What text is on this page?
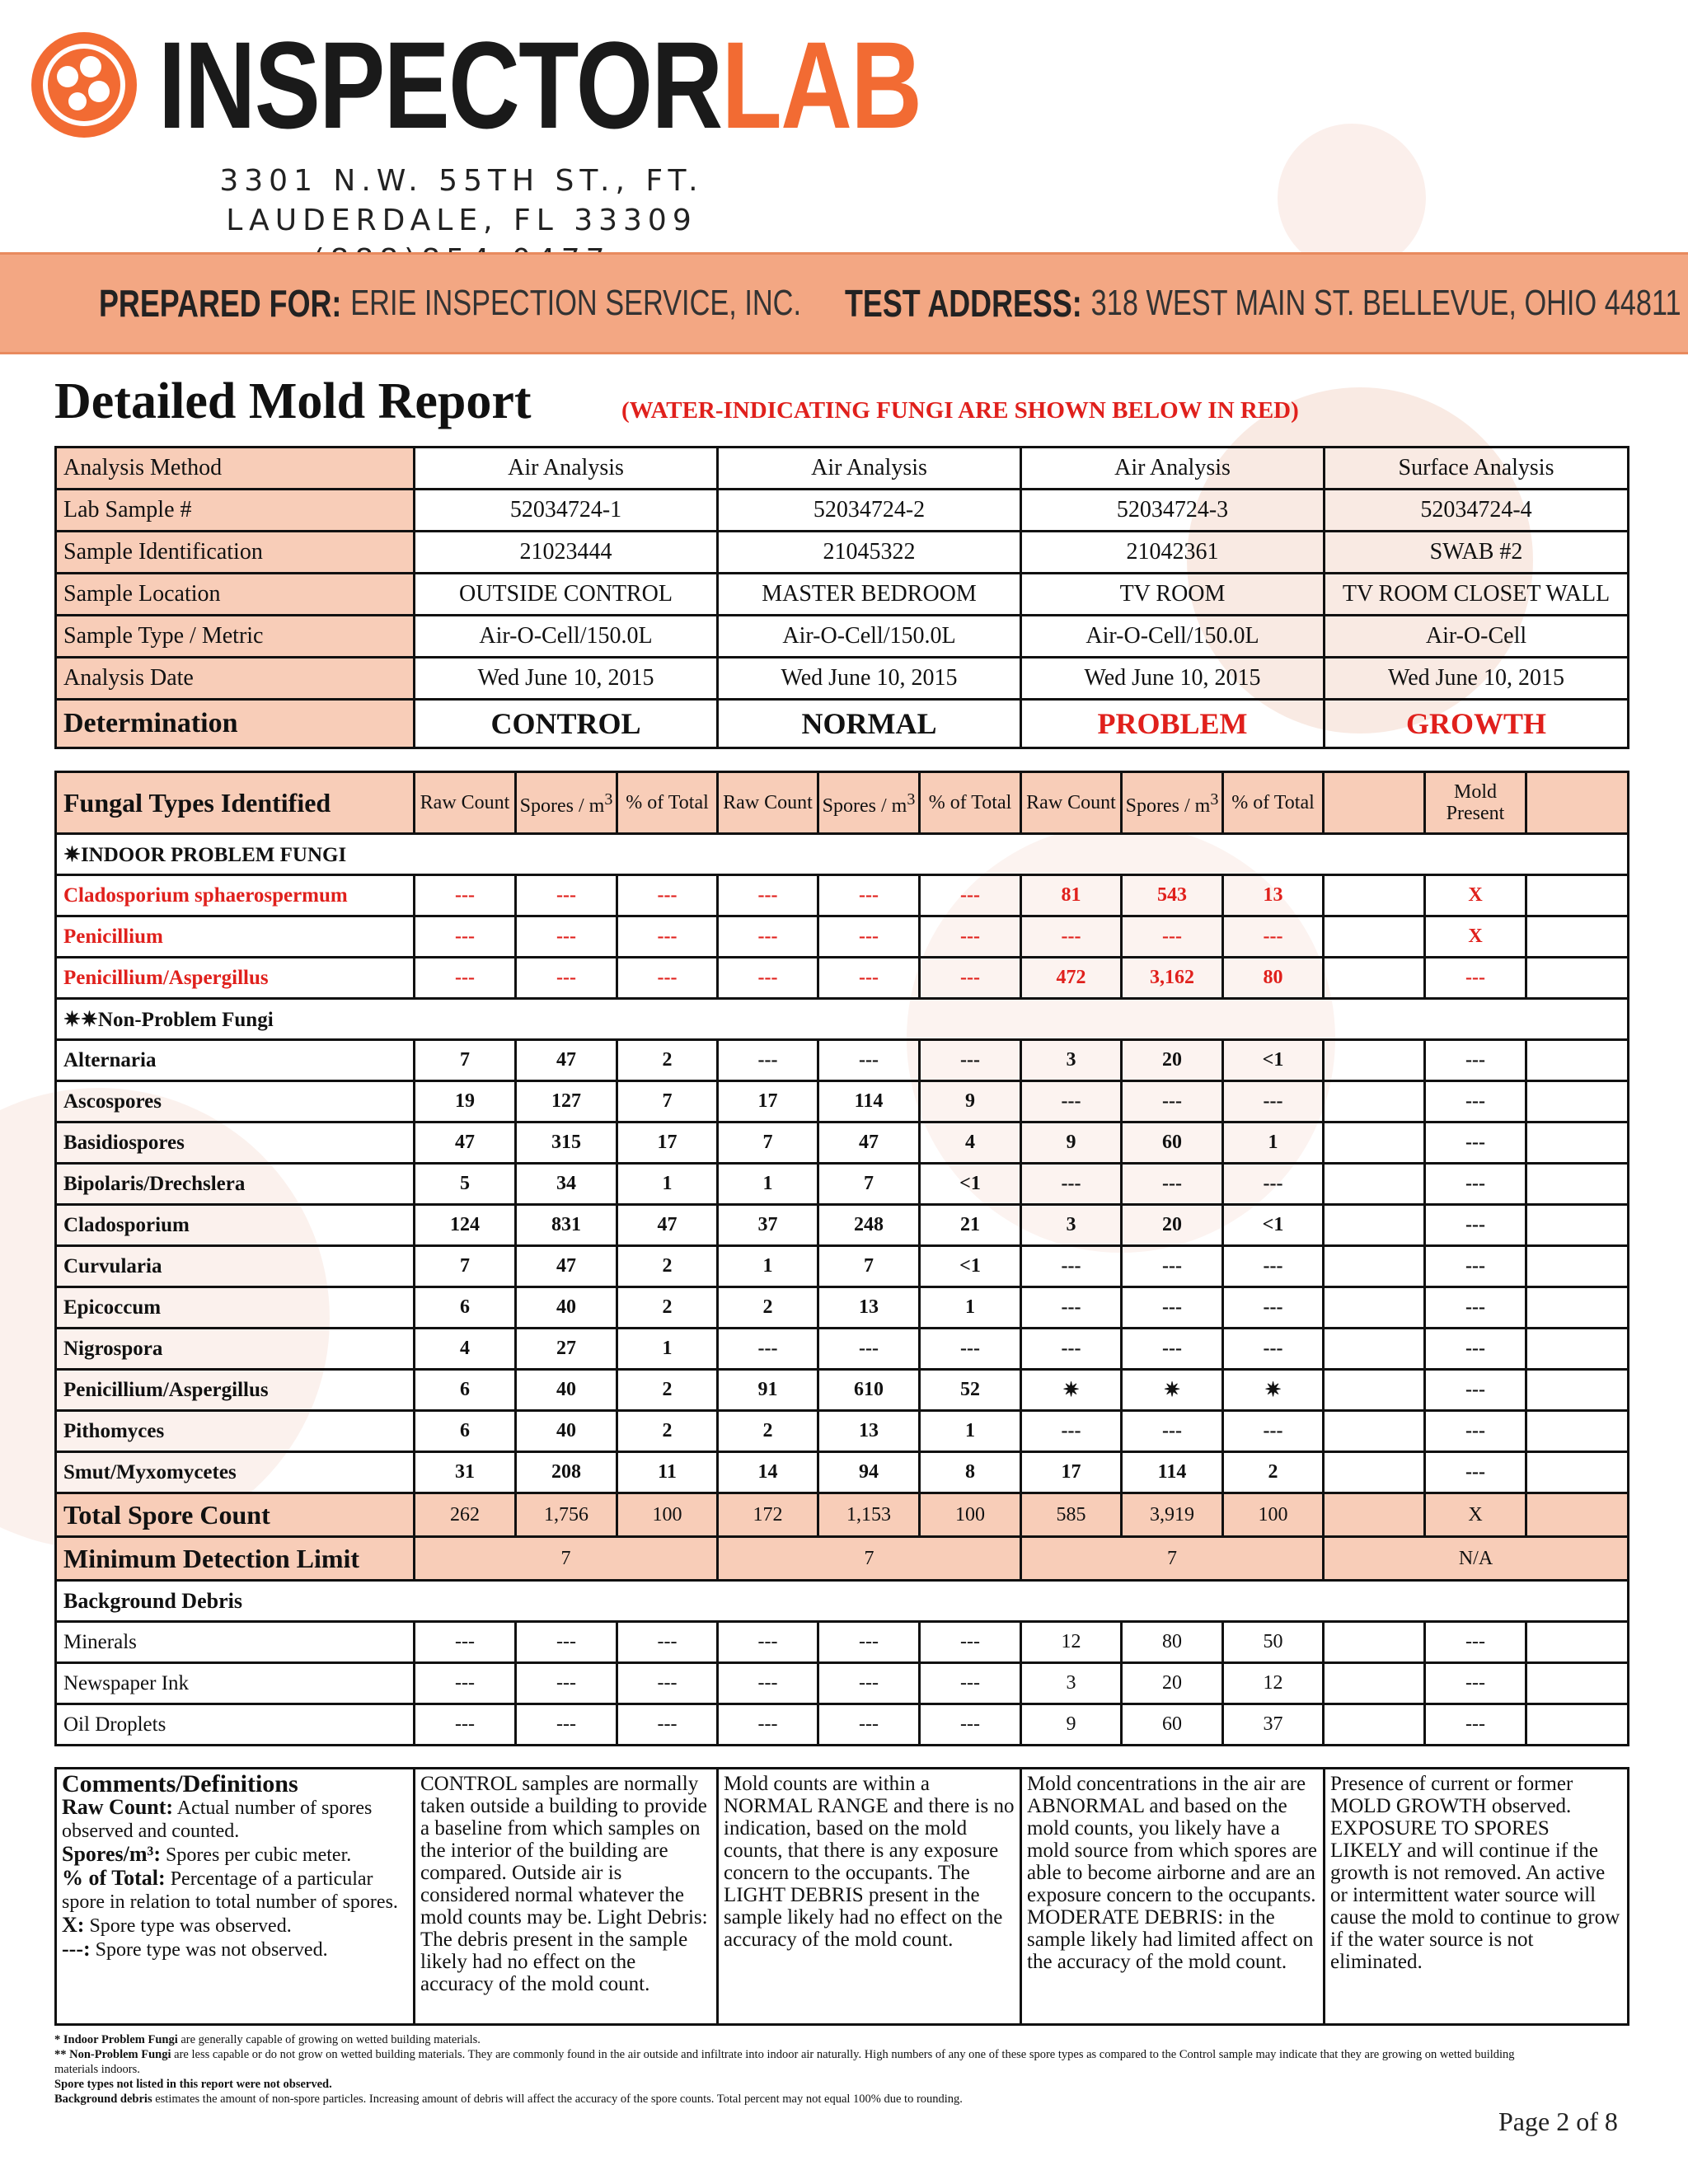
INSPECTORLAB
3301 N.W. 55TH ST., FT. LAUDERDALE, FL 33309
PREPARED FOR: ERIE INSPECTION SERVICE, INC. TEST ADDRESS: 318 WEST MAIN ST. BELLEVUE, OHIO 44811
Detailed Mold Report	(WATER-INDICATING FUNGI ARE SHOWN BELOW IN RED)
Analysis Method	Air Analysis	Air Analysis	Air Analysis	Surface Analysis
Lab Sample #	52034724-1	52034724-2	52034724-3	52034724-4
Sample Identification	21023444	21045322	21042361	SWAB #2
Sample Location	OUTSIDE CONTROL	MASTER BEDROOM	TV ROOM	TV ROOM CLOSET WALL
Sample Type / Metric	Air-O-Cell/150.0L	Air-O-Cell/150.0L	Air-O-Cell/150.0L	Air-O-Cell
Analysis Date	Wed June 10, 2015	Wed June 10, 2015	Wed June 10, 2015	Wed June 10, 2015
Determination	CONTROL	NORMAL	PROBLEM	GROWTH
Fungal Types Identified	Raw Count	Spores / $m^3$	% of Total	Raw Count	Spores / $m^3$	% of Total	Raw Count	Spores / $m^3$	% of Total		Mold Present	
✷INDOOR PROBLEM FUNGI												
Cladosporium sphaerospermum	---	---	---	---	---	---	81	543	13		X	
Penicillium	---	---	---	---	---	---	---	---	---		X	
Penicillium/Aspergillus	---	---	---	---	---	---	472	3,162	80		---	
✷✷Non-Problem Fungi												
Alternaria	7	47	2	---	---	---	3	20	<1		---	
Ascospores	19	127	7	17	114	9	---	---	---		---	
Basidiospores	47	315	17	7	47	4	9	60	1		---	
Bipolaris/Drechslera	5	34	1	1	7	<1	---	---	---		---	
Cladosporium	124	831	47	37	248	21	3	20	<1		---	
Curvularia	7	47	2	1	7	<1	---	---	---		---	
Epicoccum	6	40	2	2	13	1	---	---	---		---	
Nigrospora	4	27	1	---	---	---	---	---	---		---	
Penicillium/Aspergillus	6	40	2	91	610	52	✷	✷	✷		---	
Pithomyces	6	40	2	2	13	1	---	---	---		---	
Smut/Myxomycetes	31	208	11	14	94	8	17	114	2		---	
Total Spore Count	262	1,756	100	172	1,153	100	585	3,919	100		X	
Minimum Detection Limit	7			7			7			N/A		
Background Debris												
Minerals	---	---	---	---	---	---	12	80	50		---	
Newspaper Ink	---	---	---	---	---	---	3	20	12		---	
Oil Droplets	---	---	---	---	---	---	9	60	37		---	
Comments/Definitions
Raw Count: Actual number of spores observed and counted.
Spores/m³: Spores per cubic meter.
% of Total: Percentage of a particular spore in relation to total number of spores.
X: Spore type was observed.
---: Spore type was not observed.	CONTROL samples are normally taken outside a building to provide a baseline from which samples on the interior of the building are compared. Outside air is considered normal whatever the mold counts may be. Light Debris: The debris present in the sample likely had no effect on the accuracy of the mold count.	Mold counts are within a NORMAL RANGE and there is no indication, based on the mold counts, that there is any exposure concern to the occupants. The LIGHT DEBRIS present in the sample likely had no effect on the accuracy of the mold count.	Mold concentrations in the air are ABNORMAL and based on the mold counts, you likely have a mold source from which spores are able to become airborne and are an exposure concern to the occupants. MODERATE DEBRIS: in the sample likely had limited affect on the accuracy of the mold count.	Presence of current or former MOLD GROWTH observed. EXPOSURE TO SPORES LIKELY and will continue if the growth is not removed. An active or intermittent water source will cause the mold to continue to grow if the water source is not eliminated.
* Indoor Problem Fungi are generally capable of growing on wetted building materials.
** Non-Problem Fungi are less capable or do not grow on wetted building materials. They are commonly found in the air outside and infiltrate into indoor air naturally. High numbers of any one of these spore types as compared to the Control sample may indicate that they are growing on wetted building materials indoors.
Spore types not listed in this report were not observed.
Background debris estimates the amount of non-spore particles. Increasing amount of debris will affect the accuracy of the spore counts. Total percent may not equal 100% due to rounding.
Page 2 of 8
